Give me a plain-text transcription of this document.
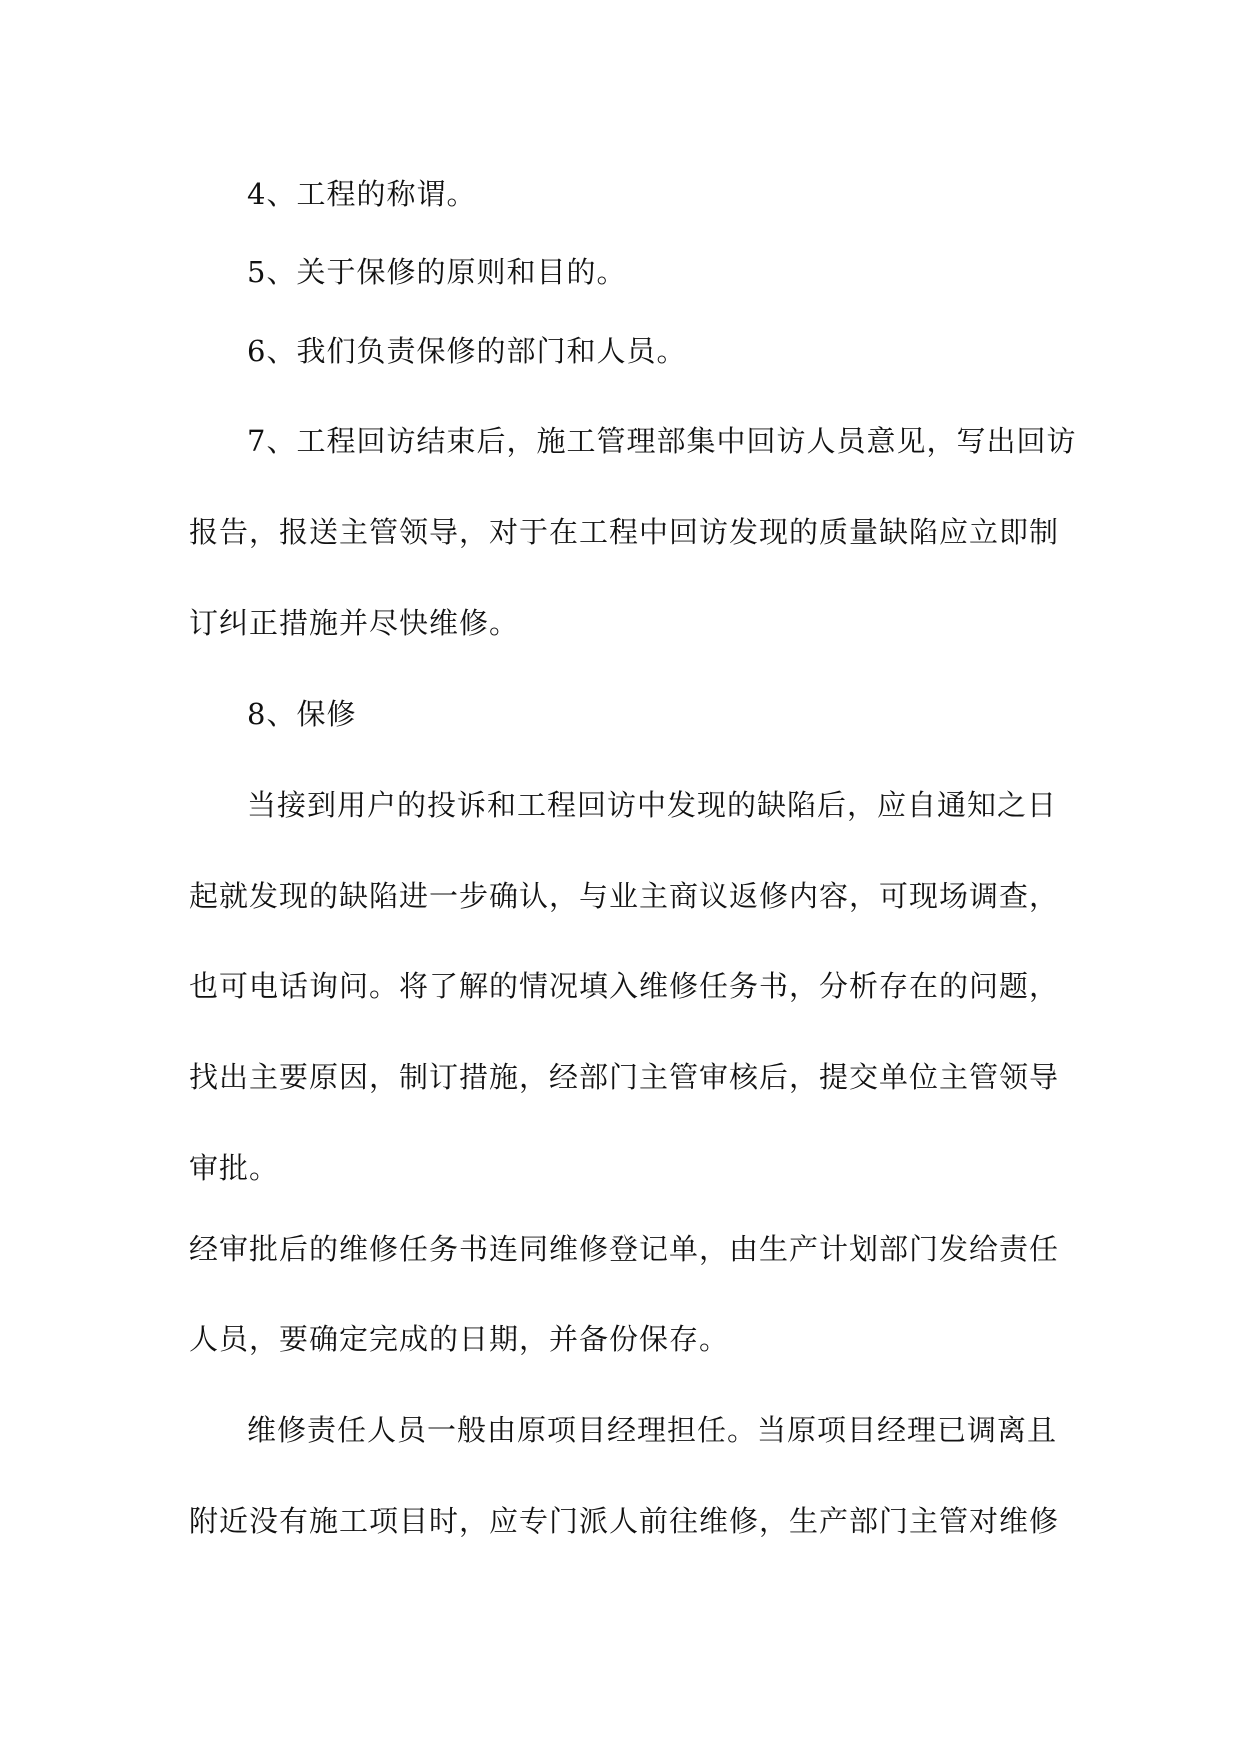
4、工程的称谓。
5、关于保修的原则和目的。
6、我们负责保修的部门和人员。
7、工程回访结束后，施工管理部集中回访人员意见，写出回访
报告，报送主管领导，对于在工程中回访发现的质量缺陷应立即制
订纠正措施并尽快维修。
8、保修
当接到用户的投诉和工程回访中发现的缺陷后，应自通知之日
起就发现的缺陷进一步确认，与业主商议返修内容，可现场调查，
也可电话询问。将了解的情况填入维修任务书，分析存在的问题，
找出主要原因，制订措施，经部门主管审核后，提交单位主管领导
审批。
经审批后的维修任务书连同维修登记单，由生产计划部门发给责任
人员，要确定完成的日期，并备份保存。
维修责任人员一般由原项目经理担任。当原项目经理已调离且
附近没有施工项目时，应专门派人前往维修，生产部门主管对维修
